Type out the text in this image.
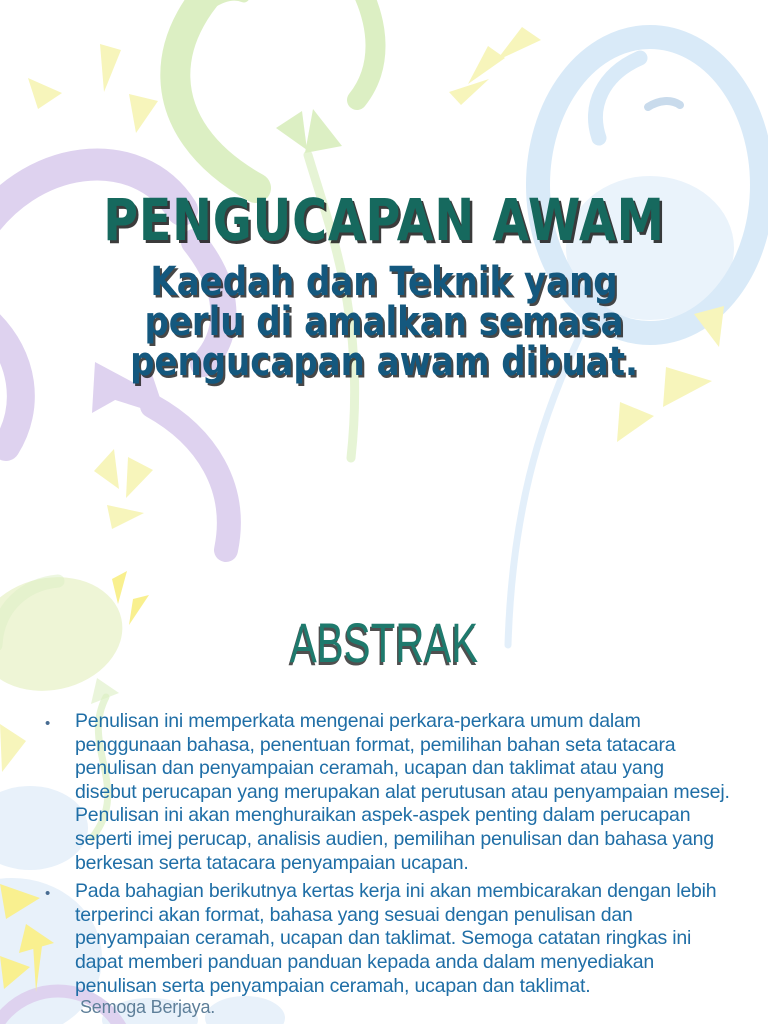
PENGUCAPAN AWAM
Kaedah dan Teknik yang
perlu di amalkan semasa
pengucapan awam dibuat.
ABSTRAK
• Penulisan ini memperkata mengenai perkara-perkara umum dalam penggunaan bahasa, penentuan format, pemilihan bahan seta tatacara penulisan dan penyampaian ceramah, ucapan dan taklimat atau yang disebut perucapan yang merupakan alat perutusan atau penyampaian mesej. Penulisan ini akan menghuraikan aspek-aspek penting dalam perucapan seperti imej perucap, analisis audien, pemilihan penulisan dan bahasa yang berkesan serta tatacara penyampaian ucapan.
• Pada bahagian berikutnya kertas kerja ini akan membicarakan dengan lebih terperinci akan format, bahasa yang sesuai dengan penulisan dan penyampaian ceramah, ucapan dan taklimat. Semoga catatan ringkas ini dapat memberi panduan panduan kepada anda dalam menyediakan penulisan serta penyampaian ceramah, ucapan dan taklimat.
Semoga Berjaya.
